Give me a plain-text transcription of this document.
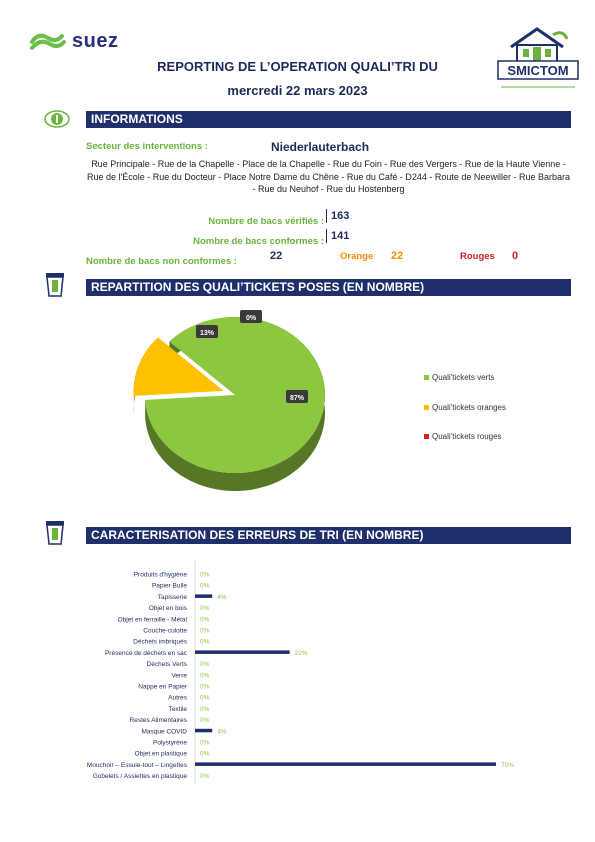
suez
SMICTOM
REPORTING DE L’OPERATION QUALI’TRI DU
mercredi 22 mars 2023
INFORMATIONS
Secteur des interventions :	Niederlauterbach
Rue Principale - Rue de la Chapelle - Place de la Chapelle - Rue du Foin - Rue des Vergers - Rue de la Haute Vienne - Rue de l'École - Rue du Docteur - Place Notre Dame du Chêne - Rue du Café - D244 - Route de Neewiller - Rue Barbara - Rue du Neuhof - Rue du Hostenberg
Nombre de bacs vérifiés : 163
Nombre de bacs conformes : 141
Nombre de bacs non conformes :	22	Orange 22	Rouges 0
REPARTITION DES QUALI’TICKETS POSES (EN NOMBRE)
87%
13%
0%
Quali'tickets verts
Quali'tickets oranges
Quali'tickets rouges
CARACTERISATION DES ERREURS DE TRI (EN NOMBRE)
Produits d'hygiène 0%
Papier Bulle 0%
Tapisserie	4%
Objet en bois 0%
Objet en ferraille - Métal 0%
Couche-culotte 0%
Déchets imbriqués 0%
Présence de déchets en sac	22%
Déchets Verts 0%
Verre 0%
Nappe en Papier 0%
Autres 0%
Textile 0%
Restes Alimentaires 0%
Masque COVID	4%
Polystyrène 0%
Objet en plastique 0%
Mouchoir – Essuie-tout – Lingettes	70%
Gobelets / Assiettes en plastique 0%
